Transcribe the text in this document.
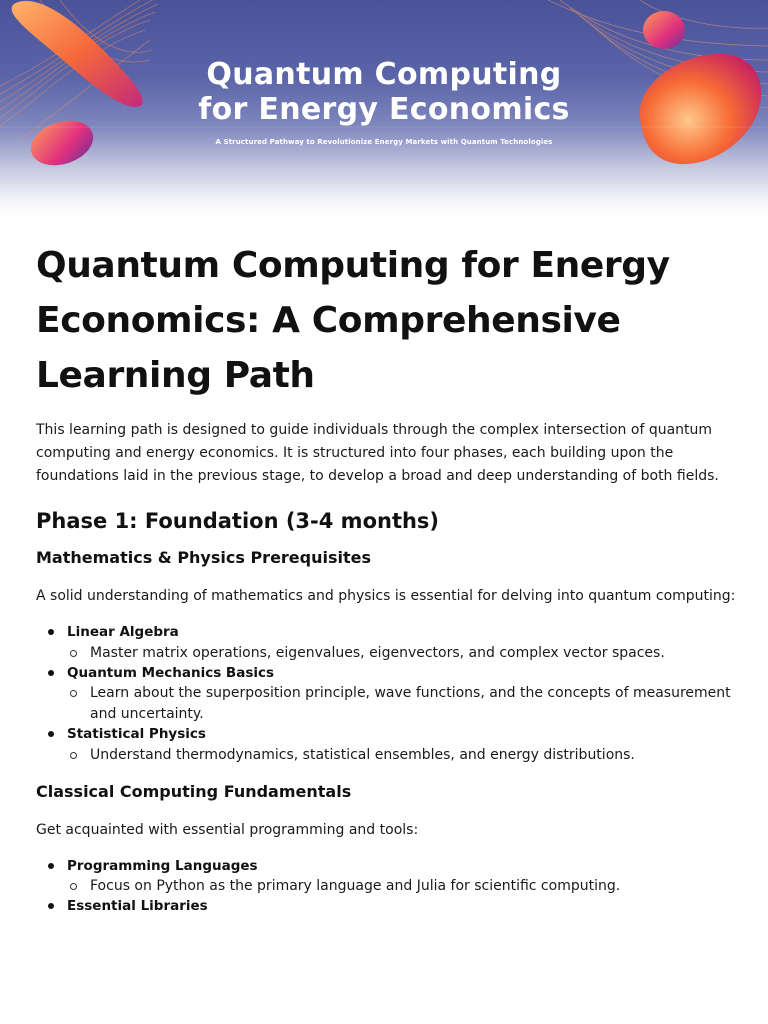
Quantum Computing
for Energy Economics
A Structured Pathway to Revolutionize Energy Markets with Quantum Technologies
Quantum Computing for Energy Economics: A Comprehensive Learning Path

This learning path is designed to guide individuals through the complex intersection of quantum computing and energy economics. It is structured into four phases, each building upon the foundations laid in the previous stage, to develop a broad and deep understanding of both fields.

Phase 1: Foundation (3-4 months)
Mathematics & Physics Prerequisites

A solid understanding of mathematics and physics is essential for delving into quantum computing:

Linear Algebra
Master matrix operations, eigenvalues, eigenvectors, and complex vector spaces.
Quantum Mechanics Basics
Learn about the superposition principle, wave functions, and the concepts of measurement and uncertainty.
Statistical Physics
Understand thermodynamics, statistical ensembles, and energy distributions.
Classical Computing Fundamentals

Get acquainted with essential programming and tools:

Programming Languages
Focus on Python as the primary language and Julia for scientific computing.
Essential Libraries
